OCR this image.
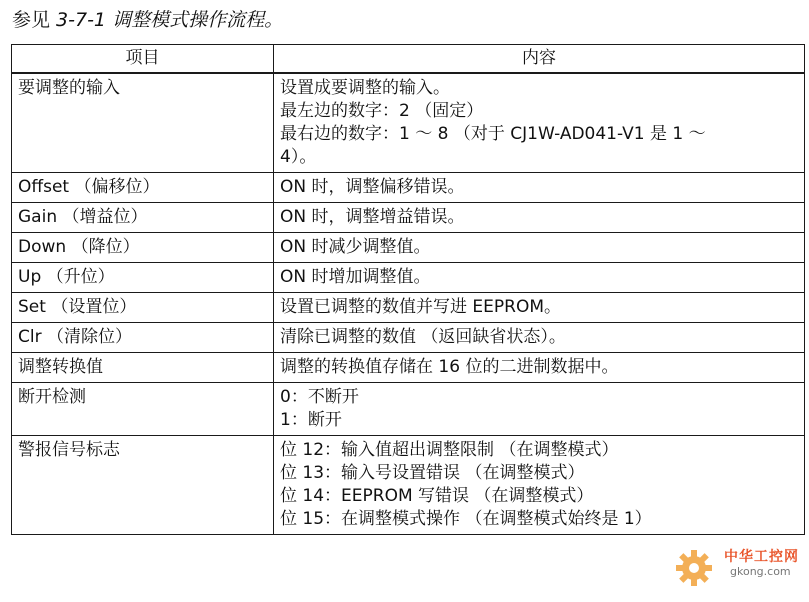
参见 3-7-1 调整模式操作流程。
项目	内容
要调整的输入	设置成要调整的输入。
最左边的数字：2 （固定）
最右边的数字：1 ～ 8 （对于 CJ1W-AD041-V1 是 1 ～
4）。

Offset （偏移位）	ON 时，调整偏移错误。

Gain （增益位）	ON 时，调整增益错误。

Down （降位）	ON 时减少调整值。

Up （升位）	ON 时增加调整值。

Set （设置位）	设置已调整的数值并写进 EEPROM。

Clr （清除位）	清除已调整的数值 （返回缺省状态）。

调整转换值	调整的转换值存储在 16 位的二进制数据中。

断开检测	0：不断开
1：断开

警报信号标志	位 12：输入值超出调整限制 （在调整模式）
位 13：输入号设置错误 （在调整模式）
位 14：EEPROM 写错误 （在调整模式）
位 15：在调整模式操作 （在调整模式始终是 1）
中华工控网
gkong.com
